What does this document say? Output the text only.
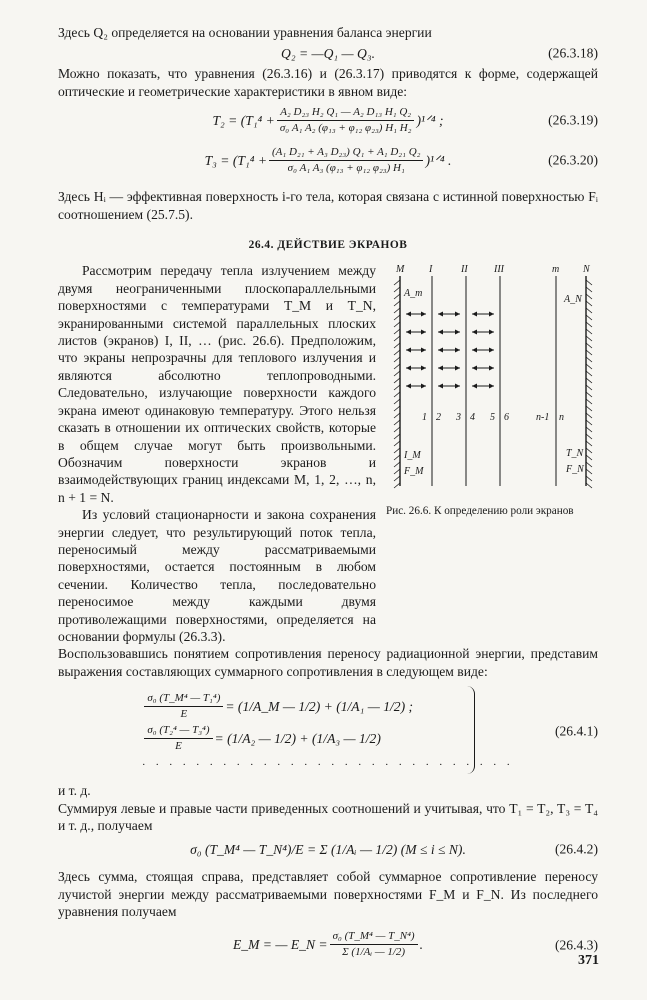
Здесь Q₂ определяется на основании уравнения баланса энергии

Q₂ = —Q₁ — Q₃.	(26.3.18)

Можно показать, что уравнения (26.3.16) и (26.3.17) приводятся к форме, содержащей оптические и геометрические характеристики в явном виде:

$T_2 = (T_1^4 + \frac{\text{A₂ D₂₃ H₂ Q₁ — A₂ D₁₃ H₁ Q₂}}{\text{σ₀ A₁ A₂ (φ₁₃ + φ₁₂ φ₂₃) H₁ H₂}}$ )¹ᐟ⁴ ;	(26.3.19)
$T_3 = (T_1^4 + \frac{\text{(A₁ D₂₁ + A₃ D₂₃) Q₁ + A₁ D₂₁ Q₂}}{\text{σ₀ A₁ A₃ (φ₁₃ + φ₁₂ φ₂₃) H₁}}$ )¹ᐟ⁴ .	(26.3.20)

Здесь Hᵢ — эффективная поверхность i-го тела, которая связана с истинной поверхностью Fᵢ соотношением (25.7.5).

26.4. ДЕЙСТВИЕ ЭКРАНОВ

Рассмотрим передачу тепла излучением между двумя неограниченными плоскопараллельными поверхностями с температурами T_M и T_N, экранированными системой параллельных плоских листов (экранов) I, II, … (рис. 26.6). Предположим, что экраны непрозрачны для теплового излучения и являются абсолютно теплопроводными. Следовательно, излучающие поверхности каждого экрана имеют одинаковую температуру. Этого нельзя сказать в отношении их оптических свойств, которые в общем случае могут быть произвольными. Обозначим поверхности экранов и взаимодействующих границ индексами M, 1, 2, …, n, n + 1 = N.

Из условий стационарности и закона сохранения энергии следует, что результирующий поток тепла, переносимый между рассматриваемыми поверхностями, остается постоянным в любом сечении. Количество тепла, последовательно переносимое между каждыми двумя противолежащими поверхностями, определяется на основании формулы (26.3.3).

M I	II	III	m N
A_m
A_N
I_M
F_M
T_N
F_N
1 2 3 4 5 6	n-1 n
Рис. 26.6. К определению роли экранов

Воспользовавшись понятием сопротивления переносу радиационной энергии, представим выражения составляющих суммарного сопротивления в следующем виде:

$\frac{\text{σ₀ (T\_M⁴ — T₁⁴)}}{E}$ = (1/A_M — 1/2) + (1/A₁ — 1/2) ;
$\frac{\text{σ₀ (T₂⁴ — T₃⁴)}}{E} = (1/A_2$ — 1/2) + (1/A₃ — 1/2)
. . . . . . . . . . . . . . . . . . . . . . . . . . . .
(26.4.1)

и т. д.

Суммируя левые и правые части приведенных соотношений и учитывая, что T₁ = T₂, T₃ = T₄ и т. д., получаем

σ₀ (T_M⁴ — T_N⁴)/E = Σ (1/Aᵢ — 1/2) (M ≤ i ≤ N).	(26.4.2)

Здесь сумма, стоящая справа, представляет собой суммарное сопротивление переносу лучистой энергии между рассматриваемыми поверхностями F_M и F_N. Из последнего уравнения получаем

E_M = — E_N = $\frac{\text{σ₀ (T\_M⁴ — T\_N⁴)}}{\text{Σ (1/Aᵢ — 1/2)}}$ .	(26.4.3)
371
